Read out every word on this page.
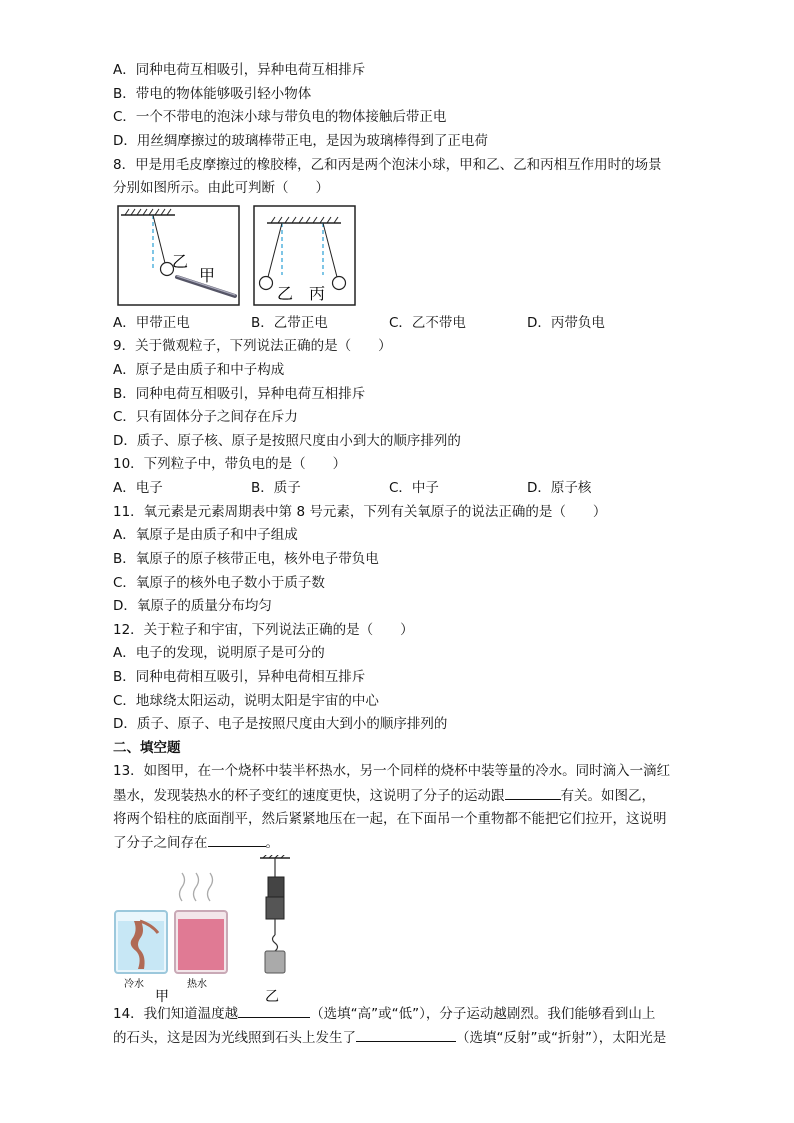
A．同种电荷互相吸引，异种电荷互相排斥
B．带电的物体能够吸引轻小物体
C．一个不带电的泡沫小球与带负电的物体接触后带正电
D．用丝绸摩擦过的玻璃棒带正电，是因为玻璃棒得到了正电荷
8．甲是用毛皮摩擦过的橡胶棒，乙和丙是两个泡沫小球，甲和乙、乙和丙相互作用时的场景
分别如图所示。由此可判断（　　）
乙
甲
乙 丙
A．甲带正电	B．乙带正电	C．乙不带电	D．丙带负电
9．关于微观粒子，下列说法正确的是（　　）
A．原子是由质子和中子构成
B．同种电荷互相吸引，异种电荷互相排斥
C．只有固体分子之间存在斥力
D．质子、原子核、原子是按照尺度由小到大的顺序排列的
10．下列粒子中，带负电的是（　　）
A．电子	B．质子	C．中子	D．原子核
11．氧元素是元素周期表中第 8 号元素，下列有关氧原子的说法正确的是（　　）
A．氧原子是由质子和中子组成
B．氧原子的原子核带正电，核外电子带负电
C．氧原子的核外电子数小于质子数
D．氧原子的质量分布均匀
12．关于粒子和宇宙，下列说法正确的是（　　）
A．电子的发现，说明原子是可分的
B．同种电荷相互吸引，异种电荷相互排斥
C．地球绕太阳运动，说明太阳是宇宙的中心
D．质子、原子、电子是按照尺度由大到小的顺序排列的
二、填空题
13．如图甲，在一个烧杯中装半杯热水，另一个同样的烧杯中装等量的冷水。同时滴入一滴红
墨水，发现装热水的杯子变红的速度更快，这说明了分子的运动跟	有关。如图乙，
将两个铅柱的底面削平，然后紧紧地压在一起，在下面吊一个重物都不能把它们拉开，这说明
了分子之间存在	。
冷水	热水
甲	乙
14．我们知道温度越	（选填“高”或“低”），分子运动越剧烈。我们能够看到山上
的石头，这是因为光线照到石头上发生了	（选填“反射”或“折射”），太阳光是
